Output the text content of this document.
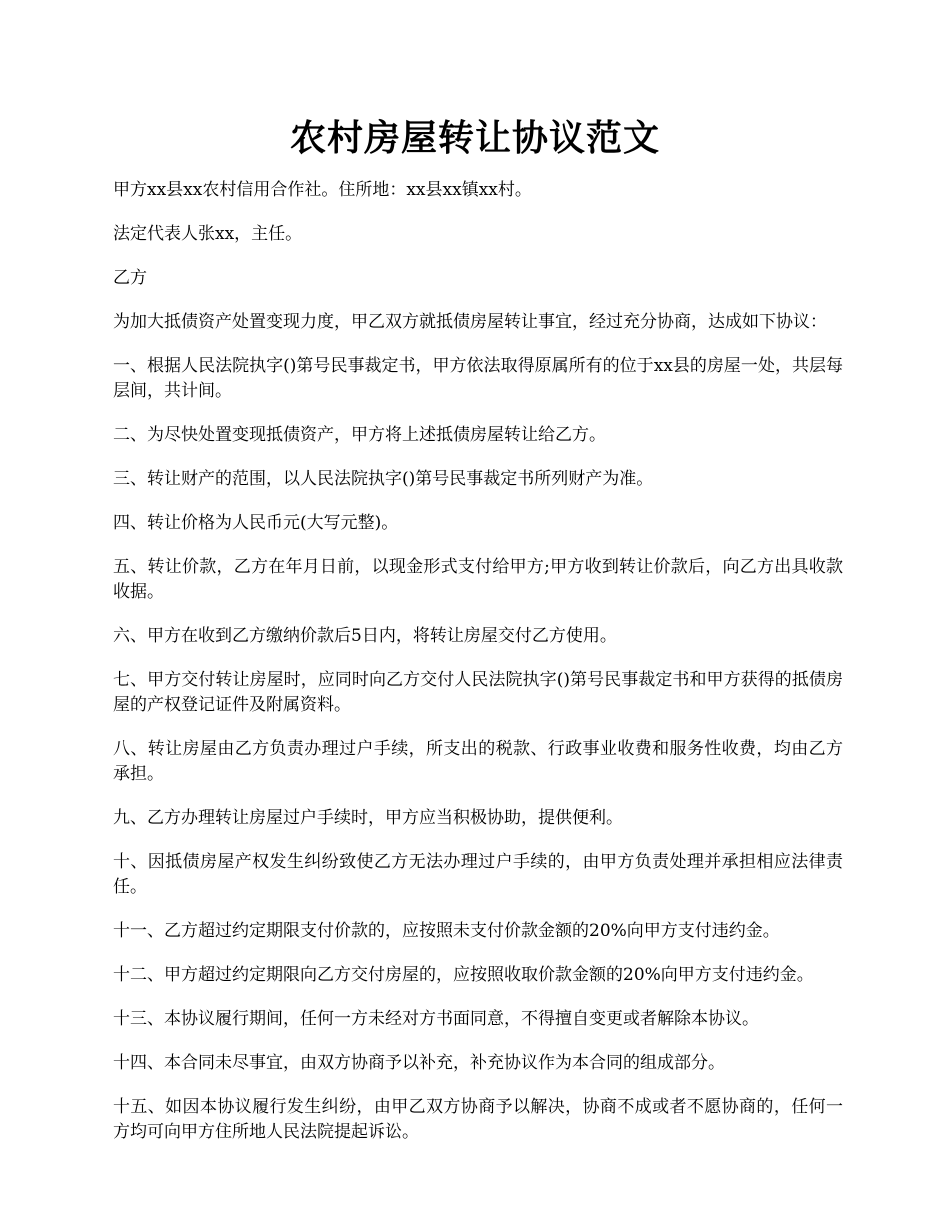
农村房屋转让协议范文

甲方xx县xx农村信用合作社。住所地：xx县xx镇xx村。

法定代表人张xx，主任。

乙方

为加大抵债资产处置变现力度，甲乙双方就抵债房屋转让事宜，经过充分协商，达成如下协议：

一、根据人民法院执字()第号民事裁定书，甲方依法取得原属所有的位于xx县的房屋一处，共层每层间，共计间。

二、为尽快处置变现抵债资产，甲方将上述抵债房屋转让给乙方。

三、转让财产的范围，以人民法院执字()第号民事裁定书所列财产为准。

四、转让价格为人民币元(大写元整)。

五、转让价款，乙方在年月日前，以现金形式支付给甲方;甲方收到转让价款后，向乙方出具收款收据。

六、甲方在收到乙方缴纳价款后5日内，将转让房屋交付乙方使用。

七、甲方交付转让房屋时，应同时向乙方交付人民法院执字()第号民事裁定书和甲方获得的抵债房屋的产权登记证件及附属资料。

八、转让房屋由乙方负责办理过户手续，所支出的税款、行政事业收费和服务性收费，均由乙方承担。

九、乙方办理转让房屋过户手续时，甲方应当积极协助，提供便利。

十、因抵债房屋产权发生纠纷致使乙方无法办理过户手续的，由甲方负责处理并承担相应法律责任。

十一、乙方超过约定期限支付价款的，应按照未支付价款金额的20%向甲方支付违约金。

十二、甲方超过约定期限向乙方交付房屋的，应按照收取价款金额的20%向甲方支付违约金。

十三、本协议履行期间，任何一方未经对方书面同意，不得擅自变更或者解除本协议。

十四、本合同未尽事宜，由双方协商予以补充，补充协议作为本合同的组成部分。

十五、如因本协议履行发生纠纷，由甲乙双方协商予以解决，协商不成或者不愿协商的，任何一方均可向甲方住所地人民法院提起诉讼。
